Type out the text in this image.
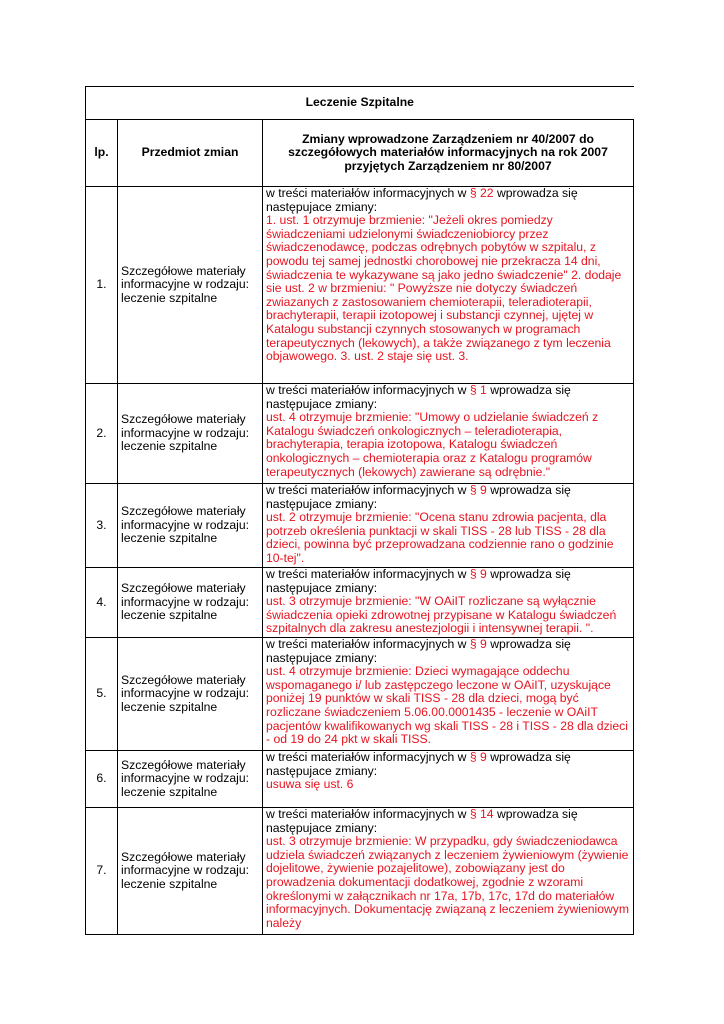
Leczenie Szpitalne		
lp.	Przedmiot zmian	Zmiany wprowadzone Zarządzeniem nr 40/2007 do szczegółowych materiałów informacyjnych na rok 2007 przyjętych Zarządzeniem nr 80/2007
1.	Szczegółowe materiały informacyjne w rodzaju: leczenie szpitalne	w treści materiałów informacyjnych w § 22 wprowadza się następujace zmiany:
1. ust. 1 otrzymuje brzmienie: "Jeżeli okres pomiedzy świadczeniami udzielonymi świadczeniobiorcy przez świadczenodawcę, podczas odrębnych pobytów w szpitalu, z powodu tej samej jednostki chorobowej nie przekracza 14 dni, świadczenia te wykazywane są jako jedno świadczenie" 2. dodaje sie ust. 2 w brzmieniu: " Powyższe nie dotyczy świadczeń zwiazanych z zastosowaniem chemioterapii, teleradioterapii, brachyterapii, terapii izotopowej i substancji czynnej, ujętej w Katalogu substancji czynnych stosowanych w programach terapeutycznych (lekowych), a także związanego z tym leczenia objawowego. 3. ust. 2 staje się ust. 3.
2.	Szczegółowe materiały informacyjne w rodzaju: leczenie szpitalne	w treści materiałów informacyjnych w § 1 wprowadza się następujace zmiany:
ust. 4 otrzymuje brzmienie: "Umowy o udzielanie świadczeń z Katalogu świadczeń onkologicznych – teleradioterapia, brachyterapia, terapia izotopowa, Katalogu świadczeń onkologicznych – chemioterapia oraz z Katalogu programów terapeutycznych (lekowych) zawierane są odrębnie."
3.	Szczegółowe materiały informacyjne w rodzaju: leczenie szpitalne	w treści materiałów informacyjnych w § 9 wprowadza się następujace zmiany:
ust. 2 otrzymuje brzmienie: "Ocena stanu zdrowia pacjenta, dla potrzeb określenia punktacji w skali TISS - 28 lub TISS - 28 dla dzieci, powinna być przeprowadzana codziennie rano o godzinie 10-tej".
4.	Szczegółowe materiały informacyjne w rodzaju: leczenie szpitalne	w treści materiałów informacyjnych w § 9 wprowadza się następujace zmiany:
ust. 3 otrzymuje brzmienie: "W OAiIT rozliczane są wyłącznie świadczenia opieki zdrowotnej przypisane w Katalogu świadczeń szpitalnych dla zakresu anestezjologii i intensywnej terapii. ".
5.	Szczegółowe materiały informacyjne w rodzaju: leczenie szpitalne	w treści materiałów informacyjnych w § 9 wprowadza się następujace zmiany:
ust. 4 otrzymuje brzmienie: Dzieci wymagające oddechu wspomaganego i/ lub zastępczego leczone w OAiIT, uzyskujące poniżej 19 punktów w skali TISS - 28 dla dzieci, mogą być rozliczane świadczeniem 5.06.00.0001435 - leczenie w OAiIT pacjentów kwalifikowanych wg skali TISS - 28 i TISS - 28 dla dzieci - od 19 do 24 pkt w skali TISS.
6.	Szczegółowe materiały informacyjne w rodzaju: leczenie szpitalne	w treści materiałów informacyjnych w § 9 wprowadza się następujace zmiany:
usuwa się ust. 6
7.	Szczegółowe materiały informacyjne w rodzaju: leczenie szpitalne	w treści materiałów informacyjnych w § 14 wprowadza się następujace zmiany:
ust. 3 otrzymuje brzmienie: W przypadku, gdy świadczeniodawca udziela świadczeń związanych z leczeniem żywieniowym (żywienie dojelitowe, żywienie pozajelitowe), zobowiązany jest do prowadzenia dokumentacji dodatkowej, zgodnie z wzorami określonymi w załącznikach nr 17a, 17b, 17c, 17d do materiałów informacyjnych. Dokumentację związaną z leczeniem żywieniowym należy
